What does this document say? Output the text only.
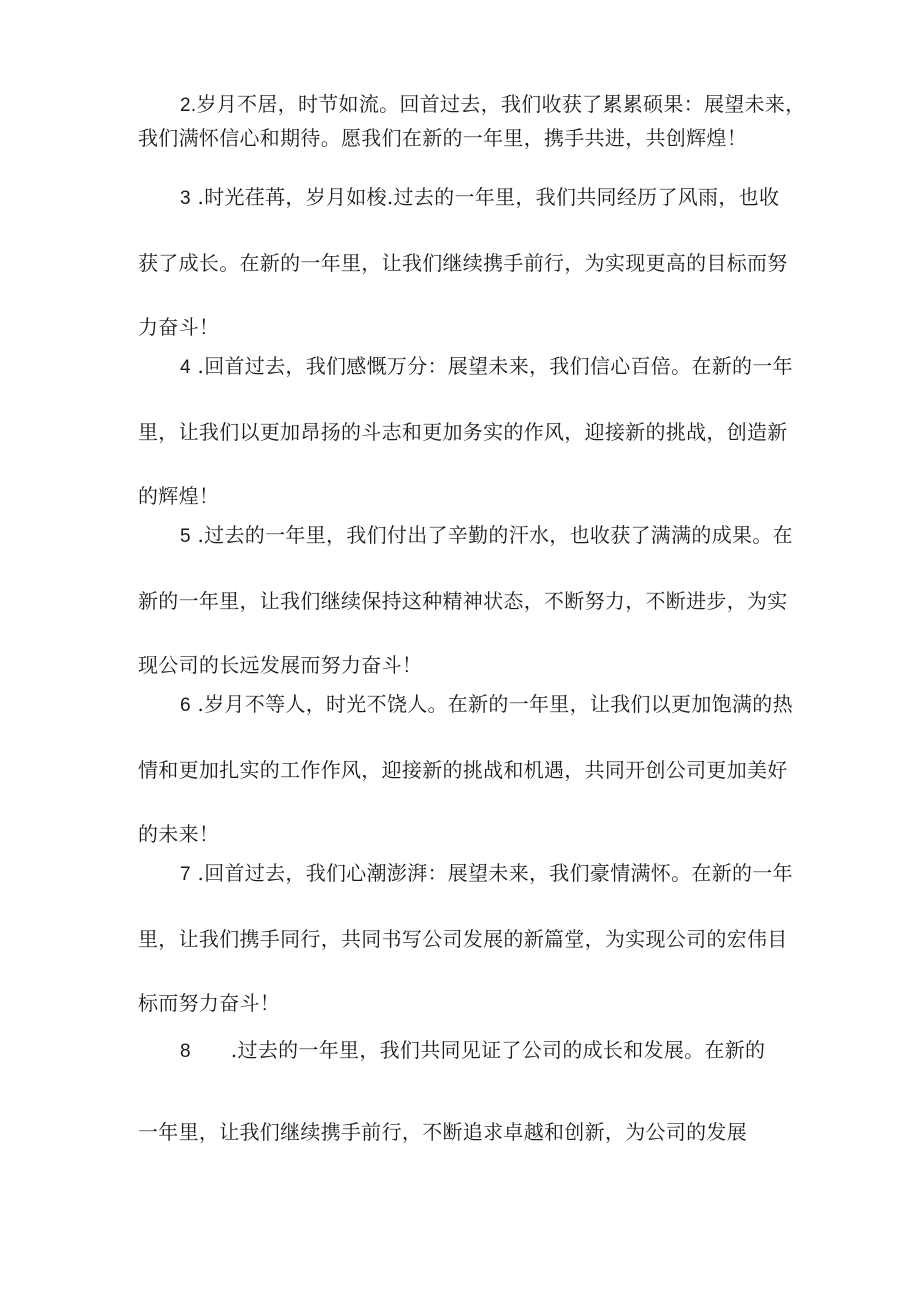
2.岁月不居，时节如流。回首过去，我们收获了累累硕果：展望未来，
我们满怀信心和期待。愿我们在新的一年里，携手共进，共创辉煌！

3 .时光荏苒，岁月如梭.过去的一年里，我们共同经历了风雨，也收
获了成长。在新的一年里，让我们继续携手前行，为实现更高的目标而努
力奋斗！

4 .回首过去，我们感慨万分：展望未来，我们信心百倍。在新的一年
里，让我们以更加昂扬的斗志和更加务实的作风，迎接新的挑战，创造新
的辉煌！

5 .过去的一年里，我们付出了辛勤的汗水，也收获了满满的成果。在
新的一年里，让我们继续保持这种精神状态，不断努力，不断进步，为实
现公司的长远发展而努力奋斗！

6 .岁月不等人，时光不饶人。在新的一年里，让我们以更加饱满的热
情和更加扎实的工作作风，迎接新的挑战和机遇，共同开创公司更加美好
的未来！

7 .回首过去，我们心潮澎湃：展望未来，我们豪情满怀。在新的一年
里，让我们携手同行，共同书写公司发展的新篇堂，为实现公司的宏伟目
标而努力奋斗！

8 .过去的一年里，我们共同见证了公司的成长和发展。在新的
一年里，让我们继续携手前行，不断追求卓越和创新，为公司的发展
